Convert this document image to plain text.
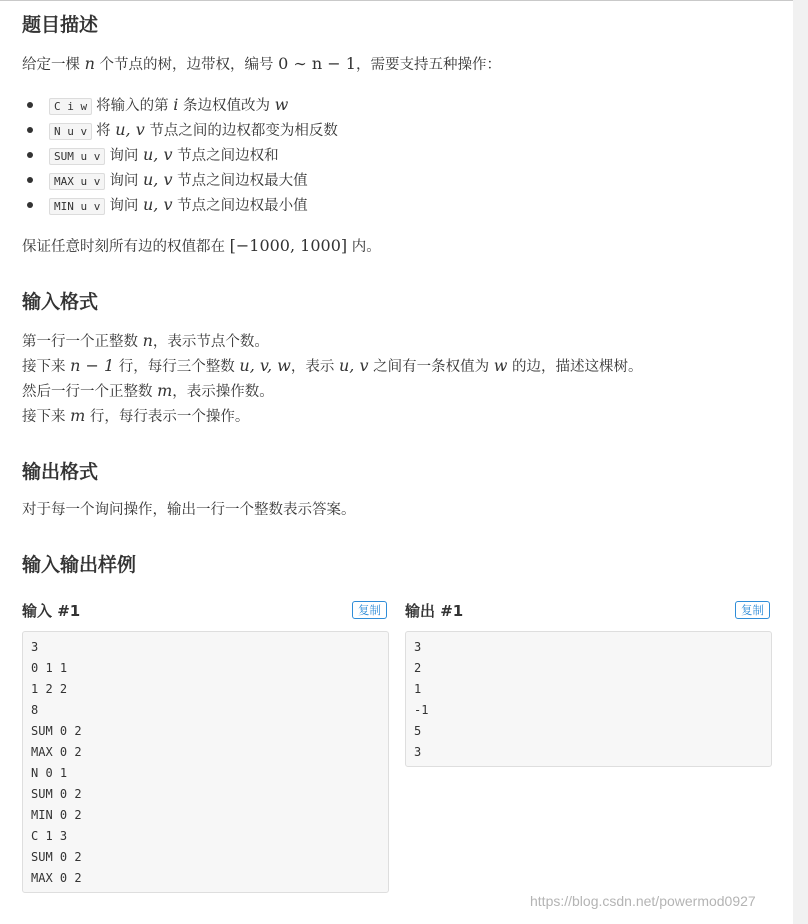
题目描述

给定一棵 n 个节点的树，边带权，编号 0 ∼ n − 1，需要支持五种操作：

C i w 将输入的第 i 条边权值改为 w
N u v 将 u, v 节点之间的边权都变为相反数
SUM u v 询问 u, v 节点之间边权和
MAX u v 询问 u, v 节点之间边权最大值
MIN u v 询问 u, v 节点之间边权最小值

保证任意时刻所有边的权值都在 [−1000, 1000] 内。

输入格式

第一行一个正整数 n，表示节点个数。

接下来 n − 1 行，每行三个整数 u, v, w，表示 u, v 之间有一条权值为 w 的边，描述这棵树。

然后一行一个正整数 m，表示操作数。

接下来 m 行，每行表示一个操作。

输出格式

对于每一个询问操作，输出一行一个整数表示答案。

输入输出样例
输入 #1	复制
3
0 1 1
1 2 2
8
SUM 0 2
MAX 0 2
N 0 1
SUM 0 2
MIN 0 2
C 1 3
SUM 0 2
MAX 0 2
输出 #1	复制
3
2
1
-1
5
3
https://blog.csdn.net/powermod0927
